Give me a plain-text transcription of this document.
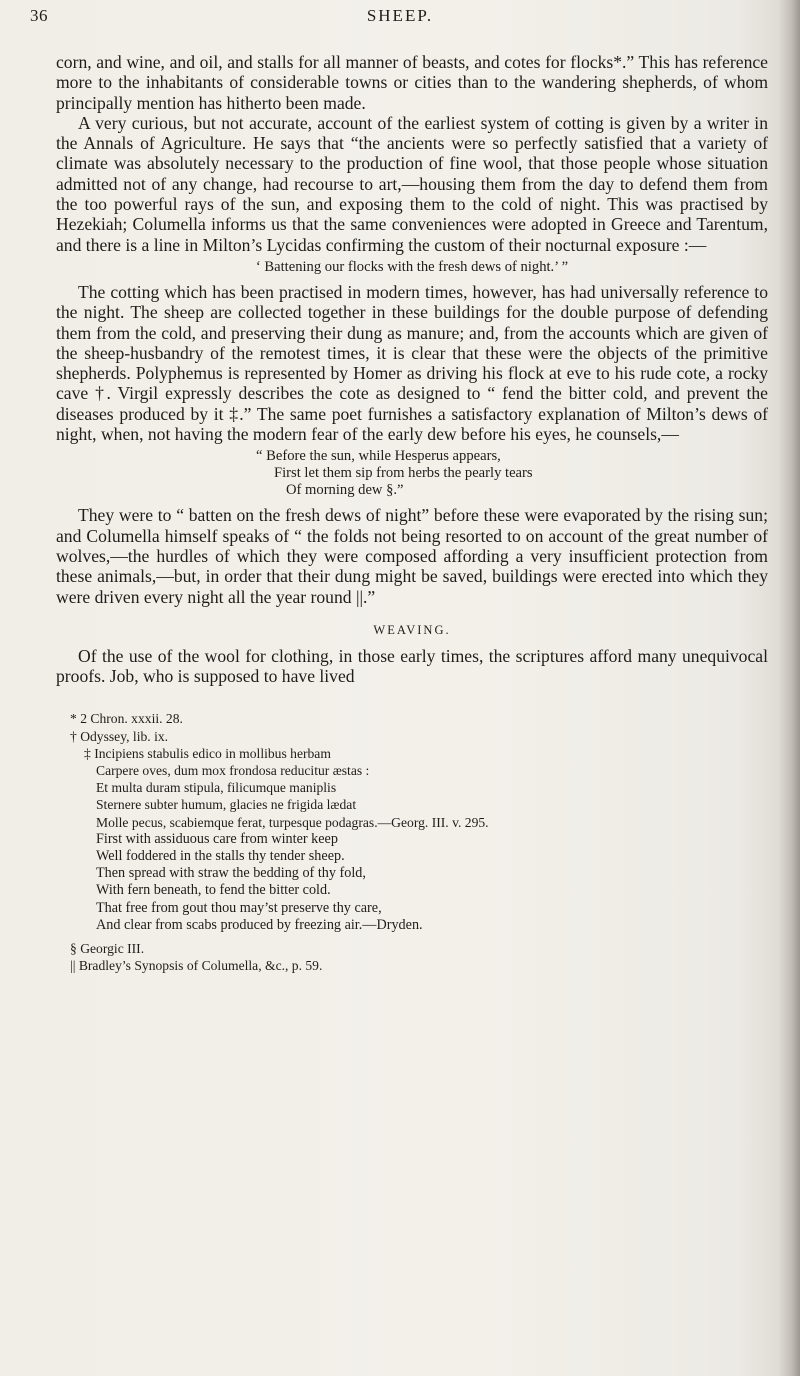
36	SHEEP.

corn, and wine, and oil, and stalls for all manner of beasts, and cotes for flocks*.” This has reference more to the inhabitants of considerable towns or cities than to the wandering shepherds, of whom principally mention has hitherto been made.

A very curious, but not accurate, account of the earliest system of cotting is given by a writer in the Annals of Agriculture. He says that “the ancients were so perfectly satisfied that a variety of climate was absolutely necessary to the production of fine wool, that those people whose situation admitted not of any change, had recourse to art,—housing them from the day to defend them from the too powerful rays of the sun, and exposing them to the cold of night. This was practised by Hezekiah; Columella informs us that the same conveniences were adopted in Greece and Tarentum, and there is a line in Milton’s Lycidas confirming the custom of their nocturnal exposure :—

‘ Battening our flocks with the fresh dews of night.’ ”

The cotting which has been practised in modern times, however, has had universally reference to the night. The sheep are collected together in these buildings for the double purpose of defending them from the cold, and preserving their dung as manure; and, from the accounts which are given of the sheep-husbandry of the remotest times, it is clear that these were the objects of the primitive shepherds. Polyphemus is represented by Homer as driving his flock at eve to his rude cote, a rocky cave †. Virgil expressly describes the cote as designed to “ fend the bitter cold, and prevent the diseases produced by it ‡.” The same poet furnishes a satisfactory explanation of Milton’s dews of night, when, not having the modern fear of the early dew before his eyes, he counsels,—

“ Before the sun, while Hesperus appears,
First let them sip from herbs the pearly tears
Of morning dew §.”

They were to “ batten on the fresh dews of night” before these were evaporated by the rising sun; and Columella himself speaks of “ the folds not being resorted to on account of the great number of wolves,—the hurdles of which they were composed affording a very insufficient protection from these animals,—but, in order that their dung might be saved, buildings were erected into which they were driven every night all the year round ||.”

WEAVING.

Of the use of the wool for clothing, in those early times, the scriptures afford many unequivocal proofs. Job, who is supposed to have lived

* 2 Chron. xxxii. 28.
† Odyssey, lib. ix.
‡ Incipiens stabulis edico in mollibus herbam
Carpere oves, dum mox frondosa reducitur æstas :
Et multa duram stipula, filicumque maniplis
Sternere subter humum, glacies ne frigida lædat
Molle pecus, scabiemque ferat, turpesque podagras.—Georg. III. v. 295.
First with assiduous care from winter keep
Well foddered in the stalls thy tender sheep.
Then spread with straw the bedding of thy fold,
With fern beneath, to fend the bitter cold.
That free from gout thou may’st preserve thy care,
And clear from scabs produced by freezing air.—Dryden.
§ Georgic III.
|| Bradley’s Synopsis of Columella, &c., p. 59.
